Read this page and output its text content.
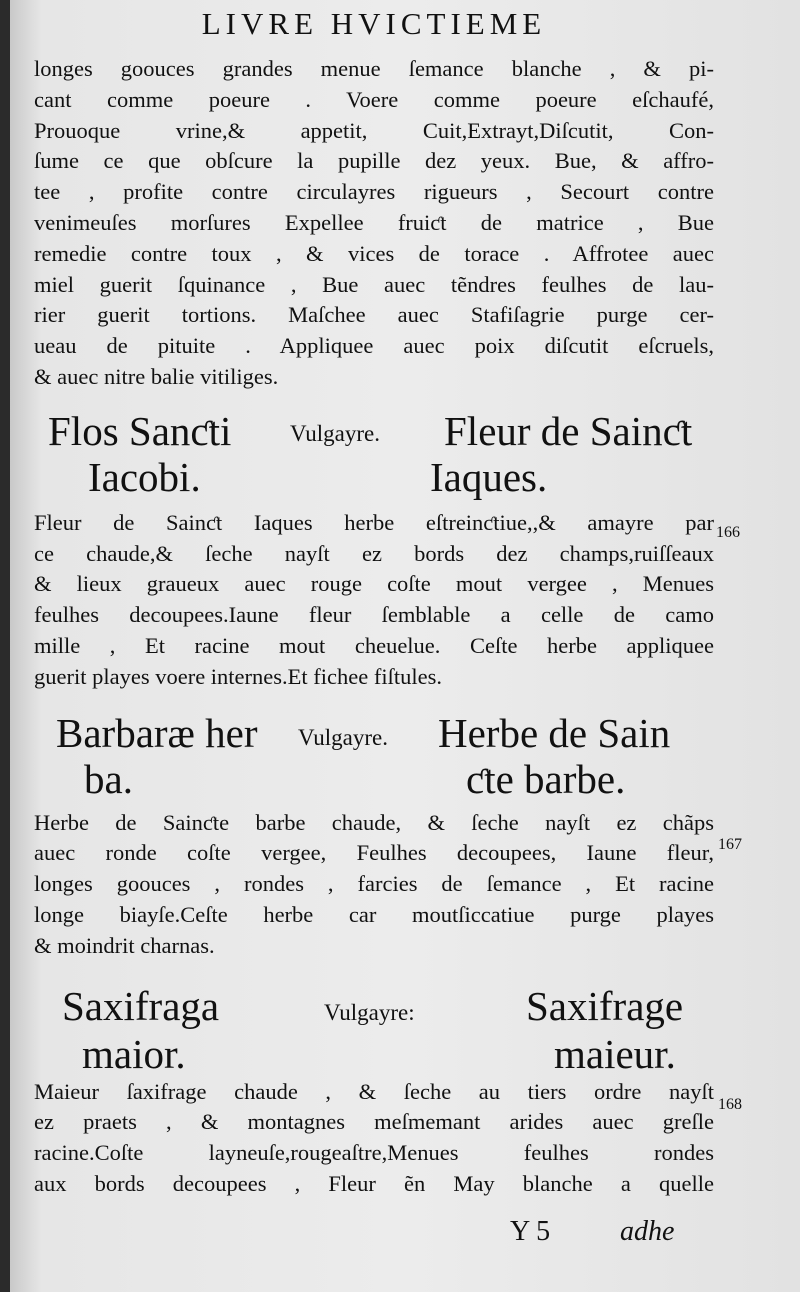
LIVRE HVICTIEME

longes goouces grandes menue ſemance blanche , & pi-

cant comme poeure . Voere comme poeure eſchaufé,

Prouoque vrine,& appetit, Cuit,Extrayt,Diſcutit, Con-

ſume ce que obſcure la pupille dez yeux. Bue, & affro-

tee , profite contre circulayres rigueurs , Secourt contre

venimeuſes morſures Expellee fruiƈt de matrice , Bue

remedie contre toux , & vices de torace . Affrotee auec

miel guerit ſquinance , Bue auec tẽndres feulhes de lau-

rier guerit tortions. Maſchee auec Stafiſagrie purge cer-

ueau de pituite . Appliquee auec poix diſcutit eſcruels,

& auec nitre balie vitiliges.

Flos Sanƈti
Iacobi.
Vulgayre. Fleur de Sainƈt
Iaques.

Fleur de Sainƈt Iaques herbe eſtreinƈtiue,,& amayre par

ce chaude,& ſeche nayſt ez bords dez champs,ruiſſeaux

& lieux graueux auec rouge coſte mout vergee , Menues

feulhes decoupees.Iaune fleur ſemblable a celle de camo

mille , Et racine mout cheuelue. Ceſte herbe appliquee

guerit playes voere internes.Et fichee fiſtules.

Barbaræ her
ba.
Vulgayre. Herbe de Sain
ƈte barbe.

Herbe de Sainƈte barbe chaude, & ſeche nayſt ez chãps

auec ronde coſte vergee, Feulhes decoupees, Iaune fleur,

longes goouces , rondes , farcies de ſemance , Et racine

longe biayſe.Ceſte herbe car moutſiccatiue purge playes

& moindrit charnas.

Saxifraga
maior.
Vulgayre:	Saxifrage
maieur.

Maieur ſaxifrage chaude , & ſeche au tiers ordre nayſt

ez praets , & montagnes meſmemant arides auec greſle

racine.Coſte layneuſe,rougeaſtre,Menues feulhes rondes

aux bords decoupees , Fleur ẽn May blanche a quelle

166
167
168
Y 5 adhe
